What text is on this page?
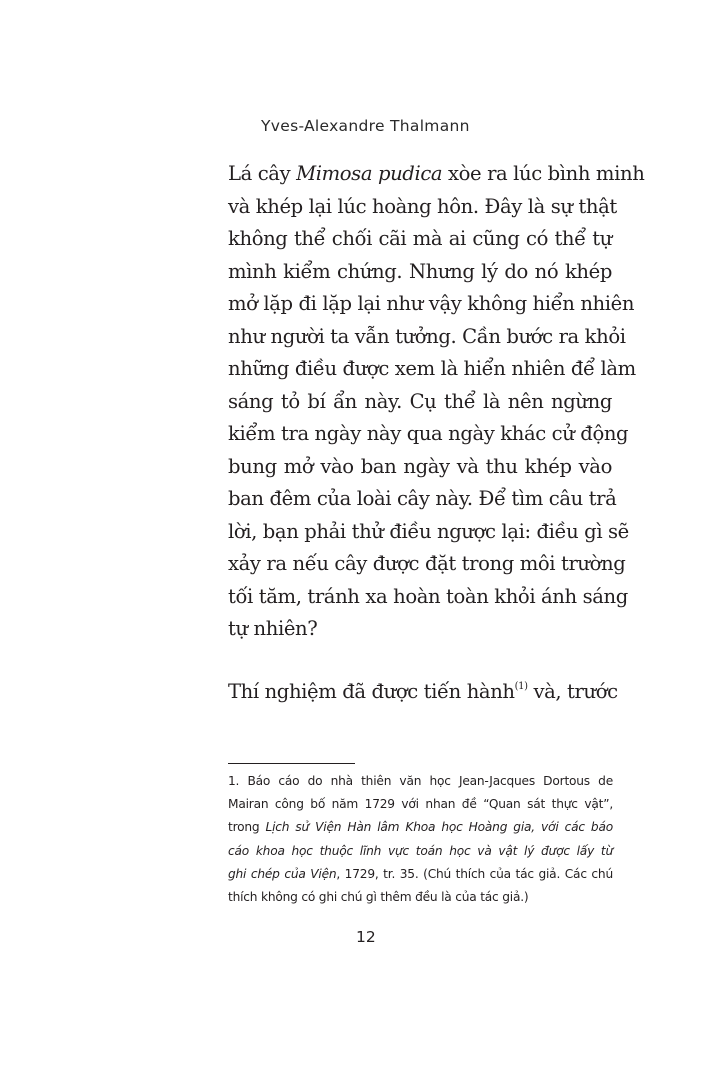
Yves-Alexandre Thalmann
Lá cây Mimosa pudica xòe ra lúc bình minh
và khép lại lúc hoàng hôn. Đây là sự thật
không thể chối cãi mà ai cũng có thể tự
mình kiểm chứng. Nhưng lý do nó khép
mở lặp đi lặp lại như vậy không hiển nhiên
như người ta vẫn tưởng. Cần bước ra khỏi
những điều được xem là hiển nhiên để làm
sáng tỏ bí ẩn này. Cụ thể là nên ngừng
kiểm tra ngày này qua ngày khác cử động
bung mở vào ban ngày và thu khép vào
ban đêm của loài cây này. Để tìm câu trả
lời, bạn phải thử điều ngược lại: điều gì sẽ
xảy ra nếu cây được đặt trong môi trường
tối tăm, tránh xa hoàn toàn khỏi ánh sáng
tự nhiên?
Thí nghiệm đã được tiến hành$^{(1)}$ và, trước
1. Báo cáo do nhà thiên văn học Jean-Jacques Dortous de
Mairan công bố năm 1729 với nhan đề “Quan sát thực vật”,
trong Lịch sử Viện Hàn lâm Khoa học Hoàng gia, với các báo
cáo khoa học thuộc lĩnh vực toán học và vật lý được lấy từ
ghi chép của Viện, 1729, tr. 35. (Chú thích của tác giả. Các chú
thích không có ghi chú gì thêm đều là của tác giả.)
12
